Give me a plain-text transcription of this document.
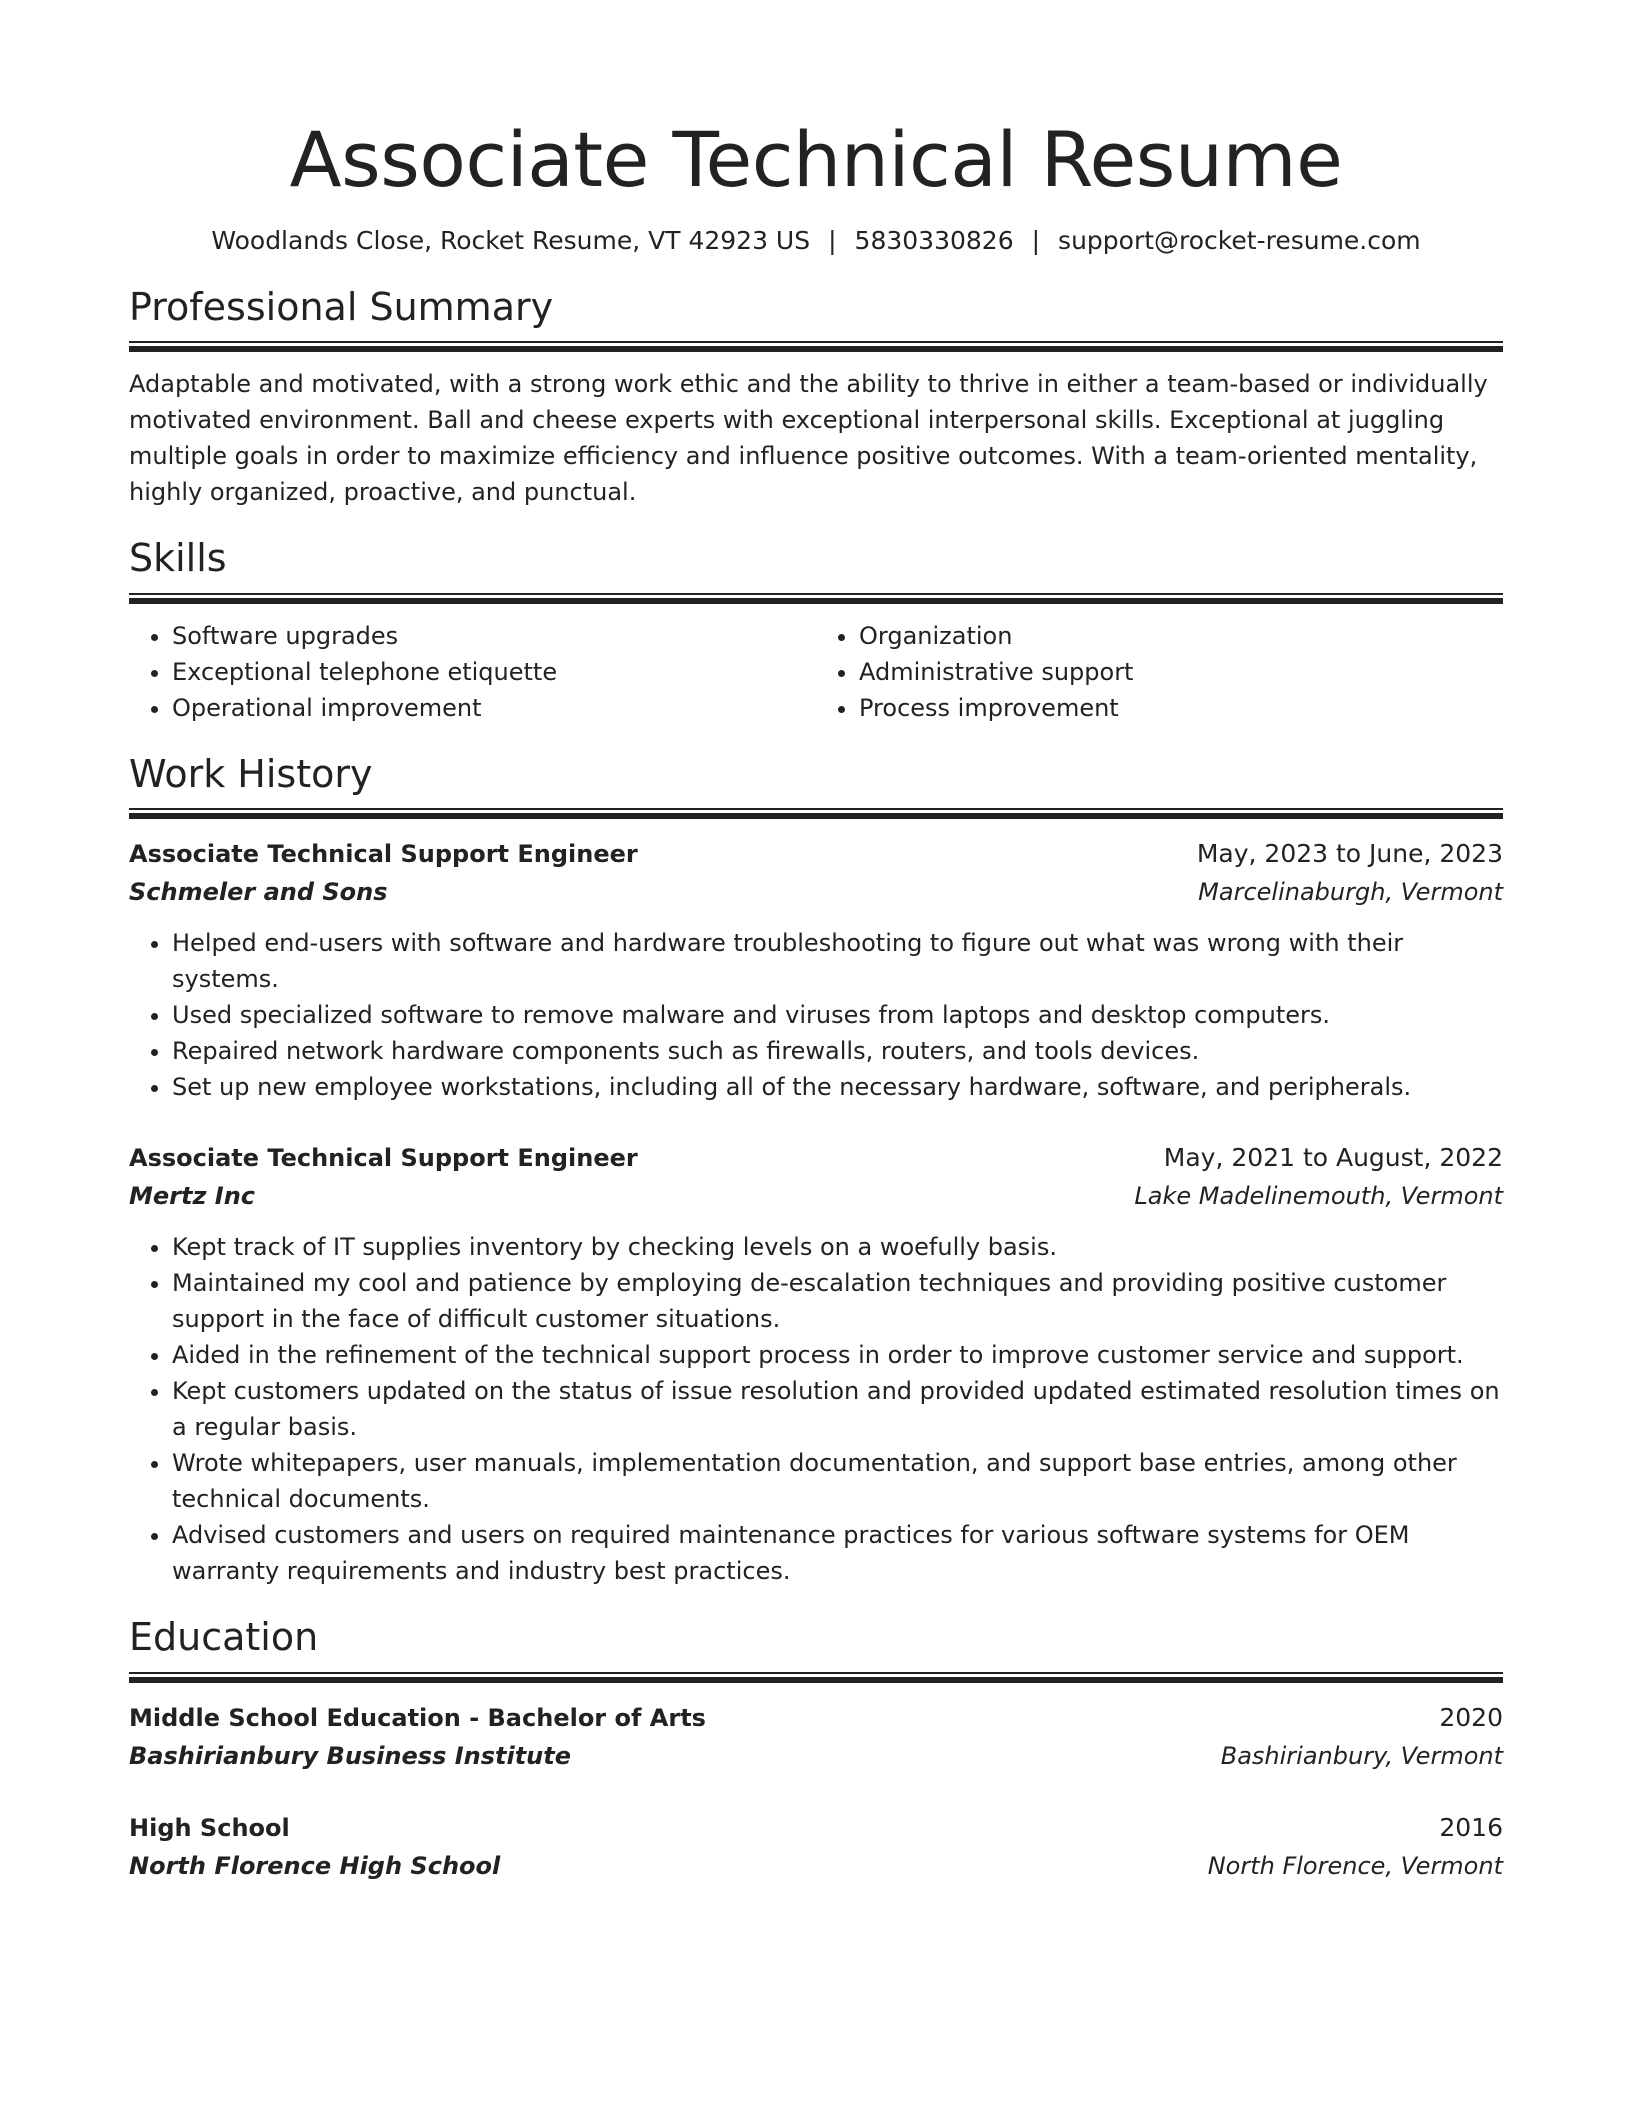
Associate Technical Resume
Woodlands Close, Rocket Resume, VT 42923 US | 5830330826 | support@rocket-resume.com
Professional Summary
Adaptable and motivated, with a strong work ethic and the ability to thrive in either a team-based or individually motivated environment. Ball and cheese experts with exceptional interpersonal skills. Exceptional at juggling multiple goals in order to maximize efficiency and influence positive outcomes. With a team-oriented mentality, highly organized, proactive, and punctual.
Skills
• Software upgrades
• Exceptional telephone etiquette
• Operational improvement
• Organization
• Administrative support
• Process improvement
Work History
Associate Technical Support Engineer	May, 2023 to June, 2023
Schmeler and Sons	Marcelinaburgh, Vermont
• Helped end-users with software and hardware troubleshooting to figure out what was wrong with their systems.
• Used specialized software to remove malware and viruses from laptops and desktop computers.
• Repaired network hardware components such as firewalls, routers, and tools devices.
• Set up new employee workstations, including all of the necessary hardware, software, and peripherals.
Associate Technical Support Engineer	May, 2021 to August, 2022
Mertz Inc	Lake Madelinemouth, Vermont
• Kept track of IT supplies inventory by checking levels on a woefully basis.
• Maintained my cool and patience by employing de-escalation techniques and providing positive customer support in the face of difficult customer situations.
• Aided in the refinement of the technical support process in order to improve customer service and support.
• Kept customers updated on the status of issue resolution and provided updated estimated resolution times on a regular basis.
• Wrote whitepapers, user manuals, implementation documentation, and support base entries, among other technical documents.
• Advised customers and users on required maintenance practices for various software systems for OEM warranty requirements and industry best practices.
Education
Middle School Education - Bachelor of Arts	2020
Bashirianbury Business Institute	Bashirianbury, Vermont
High School	2016
North Florence High School	North Florence, Vermont
